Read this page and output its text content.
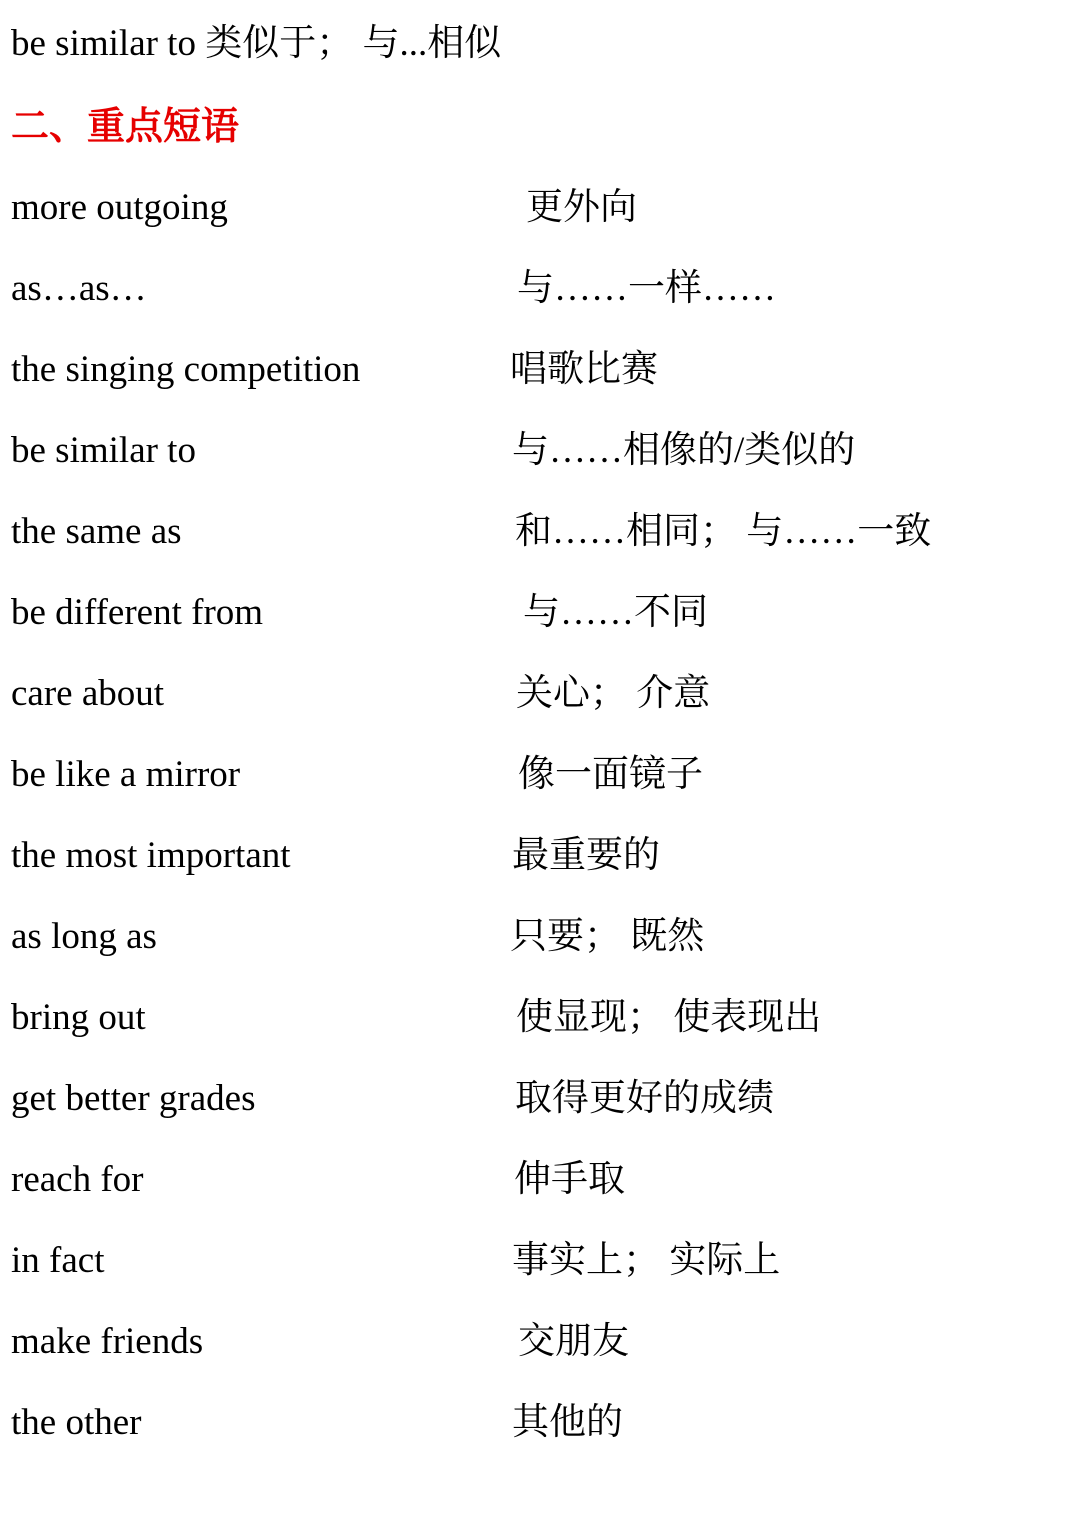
be similar to 类似于； 与...相似
二、重点短语
more outgoing	更外向
as…as…	与……一样……
the singing competition	唱歌比赛
be similar to	与……相像的/类似的
the same as	和……相同； 与……一致
be different from	与……不同
care about	关心； 介意
be like a mirror	像一面镜子
the most important	最重要的
as long as	只要； 既然
bring out	使显现； 使表现出
get better grades	取得更好的成绩
reach for	伸手取
in fact	事实上； 实际上
make friends	交朋友
the other	其他的
